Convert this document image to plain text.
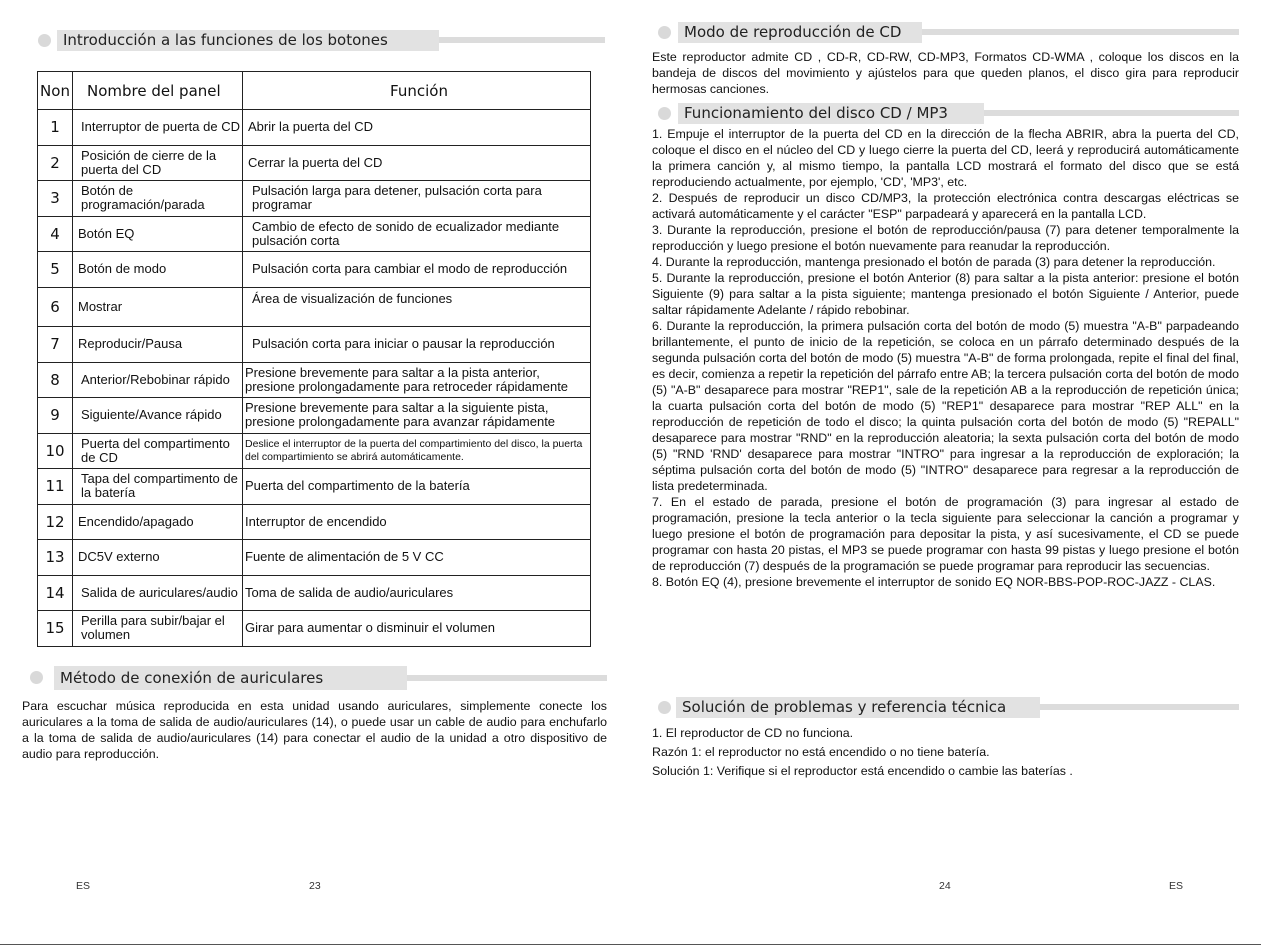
Introducción a las funciones de los botones
Non	Nombre del panel	Función
1	Interruptor de puerta de CD	Abrir la puerta del CD
2	Posición de cierre de la puerta del CD	Cerrar la puerta del CD
3	Botón de programación/parada	Pulsación larga para detener, pulsación corta para programar
4	Botón EQ	Cambio de efecto de sonido de ecualizador mediante pulsación corta
5	Botón de modo	Pulsación corta para cambiar el modo de reproducción
6	Mostrar	Área de visualización de funciones
7	Reproducir/Pausa	Pulsación corta para iniciar o pausar la reproducción
8	Anterior/Rebobinar rápido	Presione brevemente para saltar a la pista anterior, presione prolongadamente para retroceder rápidamente
9	Siguiente/Avance rápido	Presione brevemente para saltar a la siguiente pista, presione prolongadamente para avanzar rápidamente
10	Puerta del compartimento de CD	Deslice el interruptor de la puerta del compartimiento del disco, la puerta del compartimiento se abrirá automáticamente.
11	Tapa del compartimento de la batería	Puerta del compartimento de la batería
12	Encendido/apagado	Interruptor de encendido
13	DC5V externo	Fuente de alimentación de 5 V CC
14	Salida de auriculares/audio	Toma de salida de audio/auriculares
15	Perilla para subir/bajar el volumen	Girar para aumentar o disminuir el volumen
Método de conexión de auriculares

Para escuchar música reproducida en esta unidad usando auriculares, simplemente conecte los auriculares a la toma de salida de audio/auriculares (14), o puede usar un cable de audio para enchufarlo a la toma de salida de audio/auriculares (14) para conectar el audio de la unidad a otro dispositivo de audio para reproducción.

ES	23
Modo de reproducción de CD

Este reproductor admite CD , CD-R, CD-RW, CD-MP3, Formatos CD-WMA , coloque los discos en la bandeja de discos del movimiento y ajústelos para que queden planos, el disco gira para reproducir hermosas canciones.

Funcionamiento del disco CD / MP3

1. Empuje el interruptor de la puerta del CD en la dirección de la flecha ABRIR, abra la puerta del CD, coloque el disco en el núcleo del CD y luego cierre la puerta del CD, leerá y reproducirá automáticamente la primera canción y, al mismo tiempo, la pantalla LCD mostrará el formato del disco que se está reproduciendo actualmente, por ejemplo, 'CD', 'MP3', etc.

2. Después de reproducir un disco CD/MP3, la protección electrónica contra descargas eléctricas se activará automáticamente y el carácter "ESP" parpadeará y aparecerá en la pantalla LCD.

3. Durante la reproducción, presione el botón de reproducción/pausa (7) para detener temporalmente la reproducción y luego presione el botón nuevamente para reanudar la reproducción.

4. Durante la reproducción, mantenga presionado el botón de parada (3) para detener la reproducción.

5. Durante la reproducción, presione el botón Anterior (8) para saltar a la pista anterior: presione el botón Siguiente (9) para saltar a la pista siguiente; mantenga presionado el botón Siguiente / Anterior, puede saltar rápidamente Adelante / rápido rebobinar.

6. Durante la reproducción, la primera pulsación corta del botón de modo (5) muestra "A-B" parpadeando brillantemente, el punto de inicio de la repetición, se coloca en un párrafo determinado después de la segunda pulsación corta del botón de modo (5) muestra "A-B" de forma prolongada, repite el final del final, es decir, comienza a repetir la repetición del párrafo entre AB; la tercera pulsación corta del botón de modo (5) "A-B" desaparece para mostrar "REP1", sale de la repetición AB a la reproducción de repetición única; la cuarta pulsación corta del botón de modo (5) "REP1" desaparece para mostrar "REP ALL" en la reproducción de repetición de todo el disco; la quinta pulsación corta del botón de modo (5) "REPALL" desaparece para mostrar "RND" en la reproducción aleatoria; la sexta pulsación corta del botón de modo (5) "RND 'RND' desaparece para mostrar "INTRO" para ingresar a la reproducción de exploración; la séptima pulsación corta del botón de modo (5) "INTRO" desaparece para regresar a la reproducción de lista predeterminada.

7. En el estado de parada, presione el botón de programación (3) para ingresar al estado de programación, presione la tecla anterior o la tecla siguiente para seleccionar la canción a programar y luego presione el botón de programación para depositar la pista, y así sucesivamente, el CD se puede programar con hasta 20 pistas, el MP3 se puede programar con hasta 99 pistas y luego presione el botón de reproducción (7) después de la programación se puede programar para reproducir las secuencias.

8. Botón EQ (4), presione brevemente el interruptor de sonido EQ NOR-BBS-POP-ROC-JAZZ - CLAS.

Solución de problemas y referencia técnica

1. El reproductor de CD no funciona.

Razón 1: el reproductor no está encendido o no tiene batería.

Solución 1: Verifique si el reproductor está encendido o cambie las baterías .

24	ES
